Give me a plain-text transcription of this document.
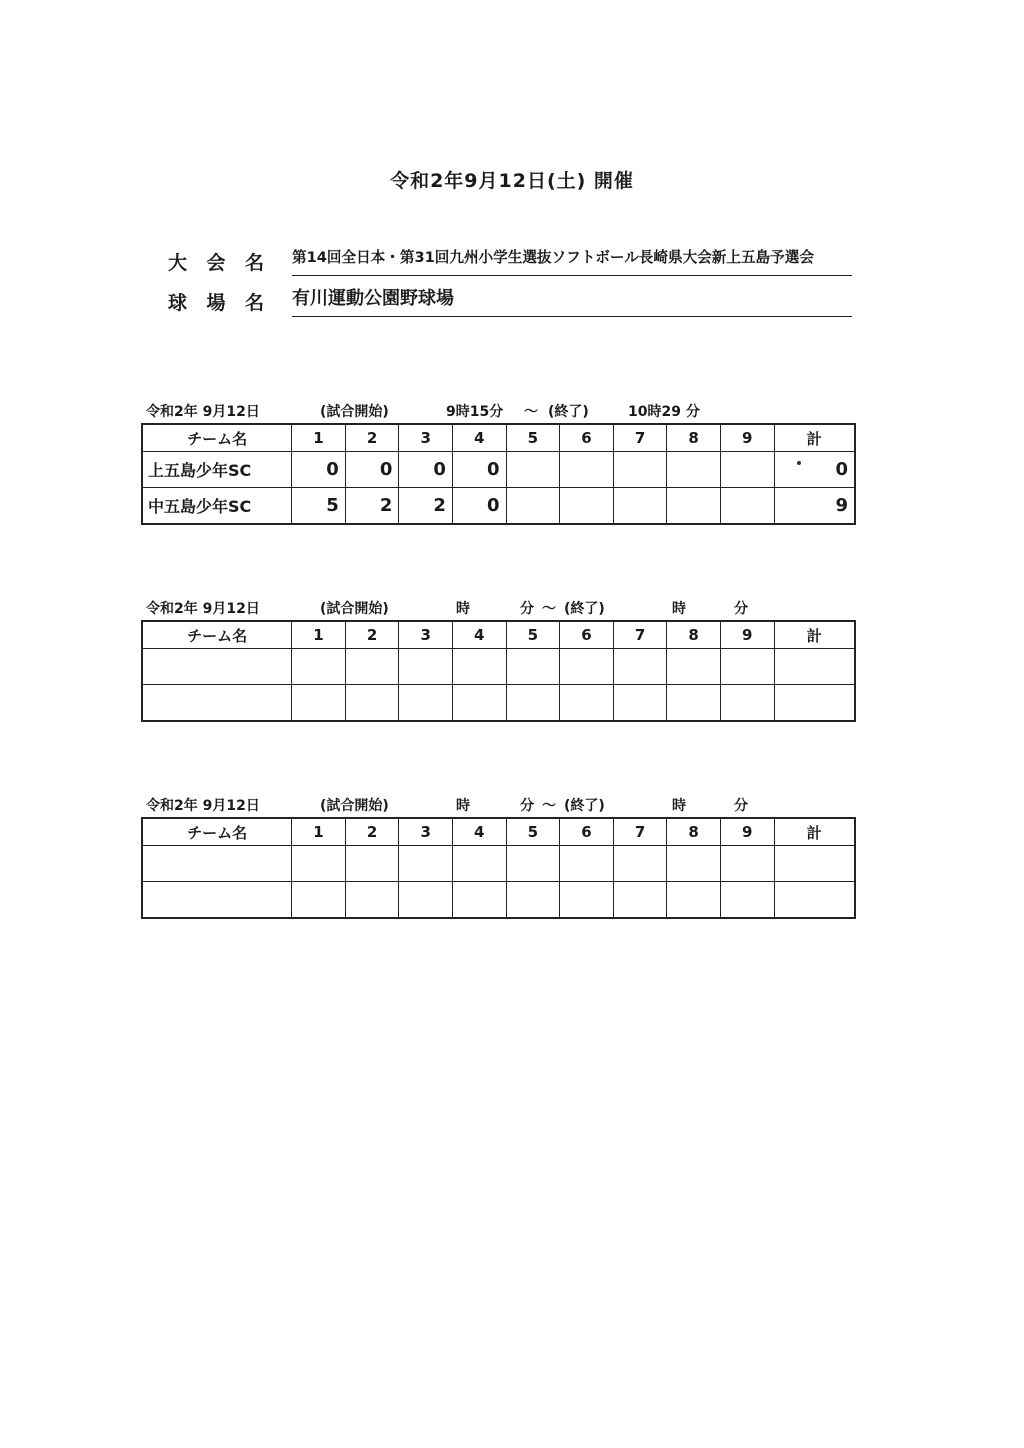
令和2年9月12日(土) 開催
大 会 名 第14回全日本・第31回九州小学生選抜ソフトボール長崎県大会新上五島予選会
球 場 名 有川運動公園野球場
令和2年 9月12日	(試合開始)	9時15分 ～ (終了)	10時29 分
チーム名	1	2	3	4	5	6	7	8	9	計
上五島少年SC	0	0	0	0						0
中五島少年SC	5	2	2	0						9
令和2年 9月12日	(試合開始)	時	分 ～ (終了)	時	分
チーム名	1	2	3	4	5	6	7	8	9	計

令和2年 9月12日	(試合開始)	時	分 ～ (終了)	時	分
チーム名	1	2	3	4	5	6	7	8	9	計
